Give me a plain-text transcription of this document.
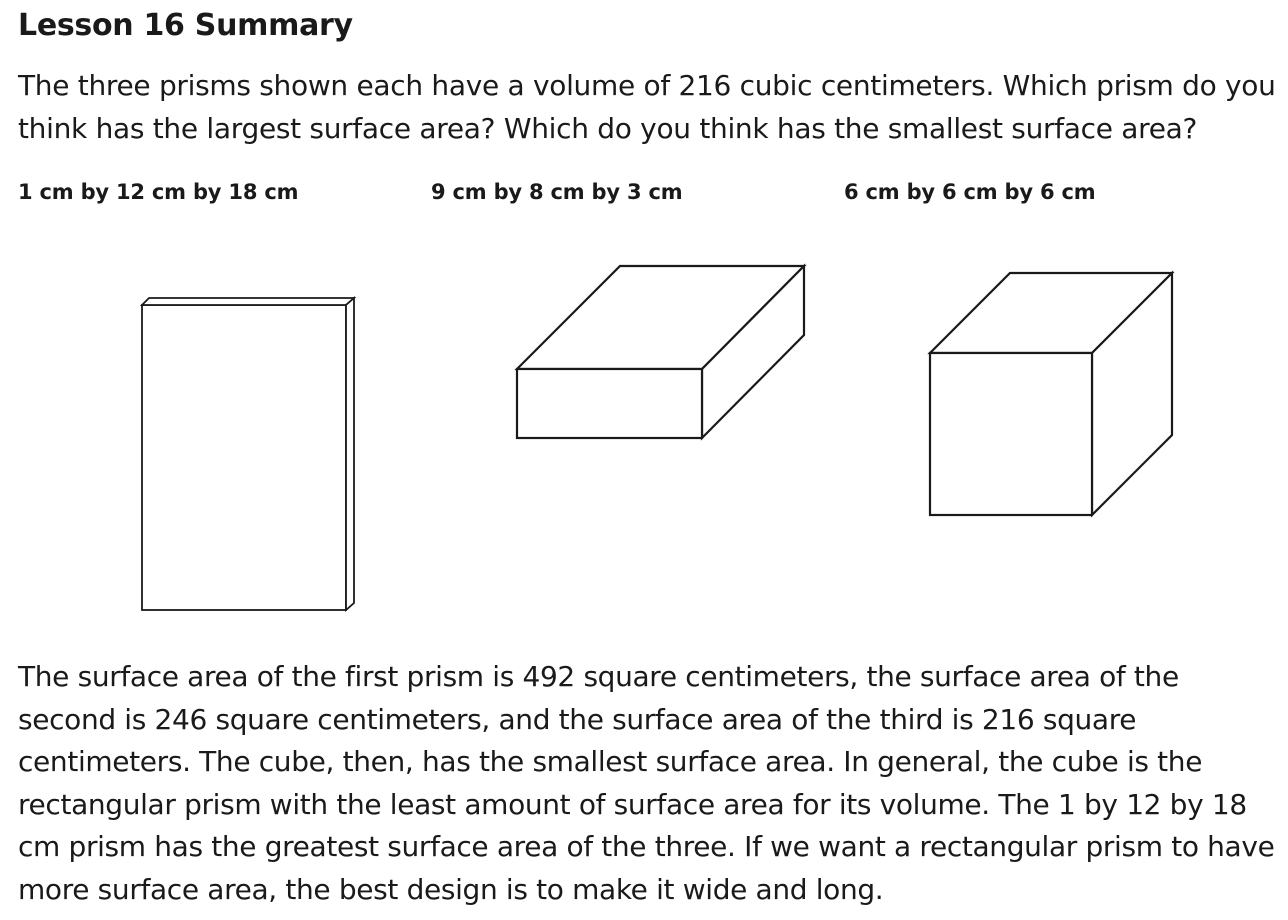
Lesson 16 Summary

The three prisms shown each have a volume of 216 cubic centimeters. Which prism do you think has the largest surface area? Which do you think has the smallest surface area?

1 cm by 12 cm by 18 cm	9 cm by 8 cm by 3 cm	6 cm by 6 cm by 6 cm

The surface area of the first prism is 492 square centimeters, the surface area of the second is 246 square centimeters, and the surface area of the third is 216 square centimeters. The cube, then, has the smallest surface area. In general, the cube is the rectangular prism with the least amount of surface area for its volume. The 1 by 12 by 18 cm prism has the greatest surface area of the three. If we want a rectangular prism to have more surface area, the best design is to make it wide and long.
